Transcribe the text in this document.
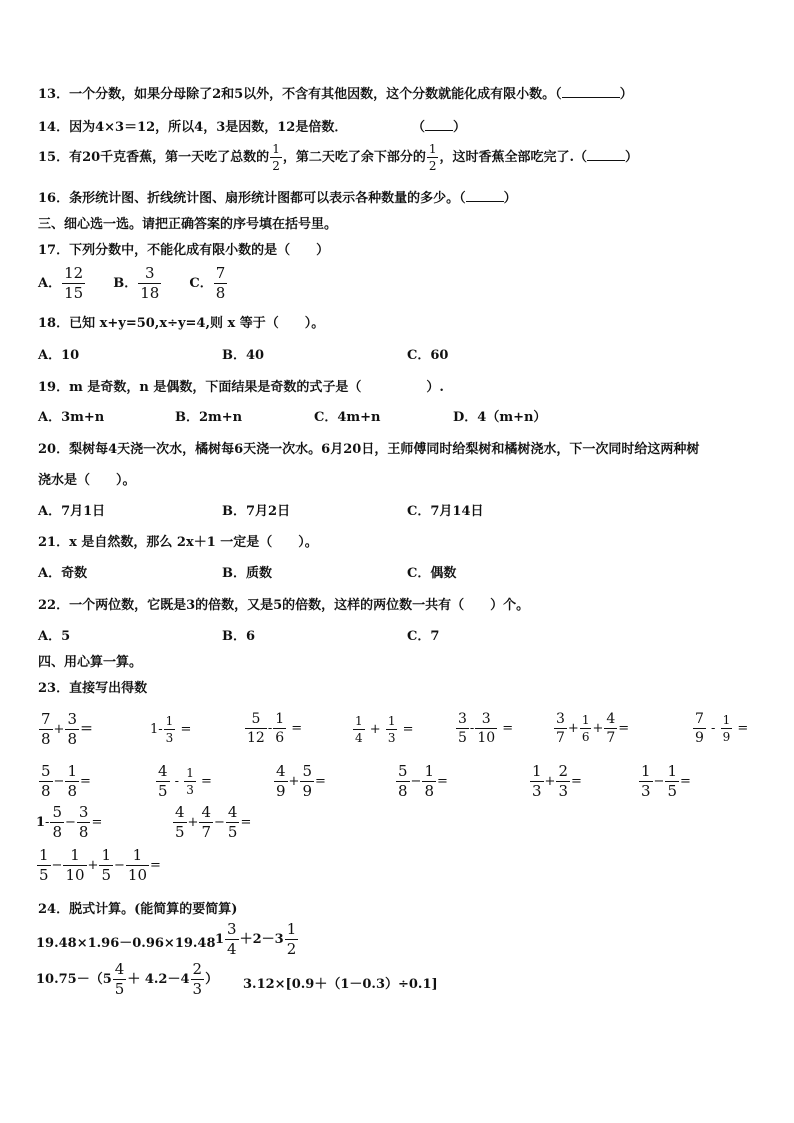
13．一个分数，如果分母除了2和5以外，不含有其他因数，这个分数就能化成有限小数。（	）
14．因为4×3＝12，所以4，3是因数，12是倍数．	（ ）
15．有20千克香蕉，第一天吃了总数的 $\frac{1}{2}$ ，第二天吃了余下部分的 $\frac{1}{2}$ ，这时香蕉全部吃完了.（	）
16．条形统计图、折线统计图、扇形统计图都可以表示各种数量的多少。（	）
三、细心选一选。请把正确答案的序号填在括号里。
17．下列分数中，不能化成有限小数的是（　　）
A． $\frac{12}{15}$ B． $\frac{3}{18}$ C． $\frac{7}{8}$
18．已知 x+y=50,x÷y=4,则 x 等于（　　）。
A．10	B．40	C．60
19．m 是奇数，n 是偶数，下面结果是奇数的式子是（　　　　　）.
A．3m+n	B．2m+n	C．4m+n	D．4（m+n）
20．梨树每4天浇一次水，橘树每6天浇一次水。6月20日，王师傅同时给梨树和橘树浇水，下一次同时给这两种树
浇水是（　　）。
A．7月1日	B．7月2日	C．7月14日
21．x 是自然数，那么 2x＋1 一定是（　　）。
A．奇数	B．质数	C．偶数
22．一个两位数，它既是3的倍数，又是5的倍数，这样的两位数一共有（　　）个。
A．5	B．6	C．7
四、用心算一算。
23．直接写出得数
$\frac{7}{8} + \frac{3}{8}$ ＝	$1- \frac{1}{3}$ =	$\frac{5}{12} - \frac{1}{6}$ =	$\frac{1}{4} + \frac{1}{3}$ =	$\frac{3}{5} - \frac{3}{10}$ =	$\frac{3}{7} + \frac{1}{6} + \frac{4}{7}$ =	$\frac{7}{9} - \frac{1}{9}$ =
$\frac{5}{8} - \frac{1}{8}$ =	$\frac{4}{5} - \frac{1}{3}$ =	$\frac{4}{9} + \frac{5}{9}$ =	$\frac{5}{8} - \frac{1}{8}$ =	$\frac{1}{3} + \frac{2}{3}$ =	$\frac{1}{3} - \frac{1}{5}$ =
$1- \frac{5}{8} - \frac{3}{8}$ =	$\frac{4}{5} + \frac{4}{7} - \frac{4}{5}$ =
$\frac{1}{5} - \frac{1}{10} + \frac{1}{5} - \frac{1}{10}$ =
24．脱式计算。(能简算的要简算)
19.48×1.96－0.96×19.48 $1 \frac{3}{4} +2-3 \frac{1}{2}$
$10.75-(5 \frac{4}{5} + 4.2-4 \frac{2}{3}$ ） 3.12×[0.9＋（1－0.3）÷0.1]
